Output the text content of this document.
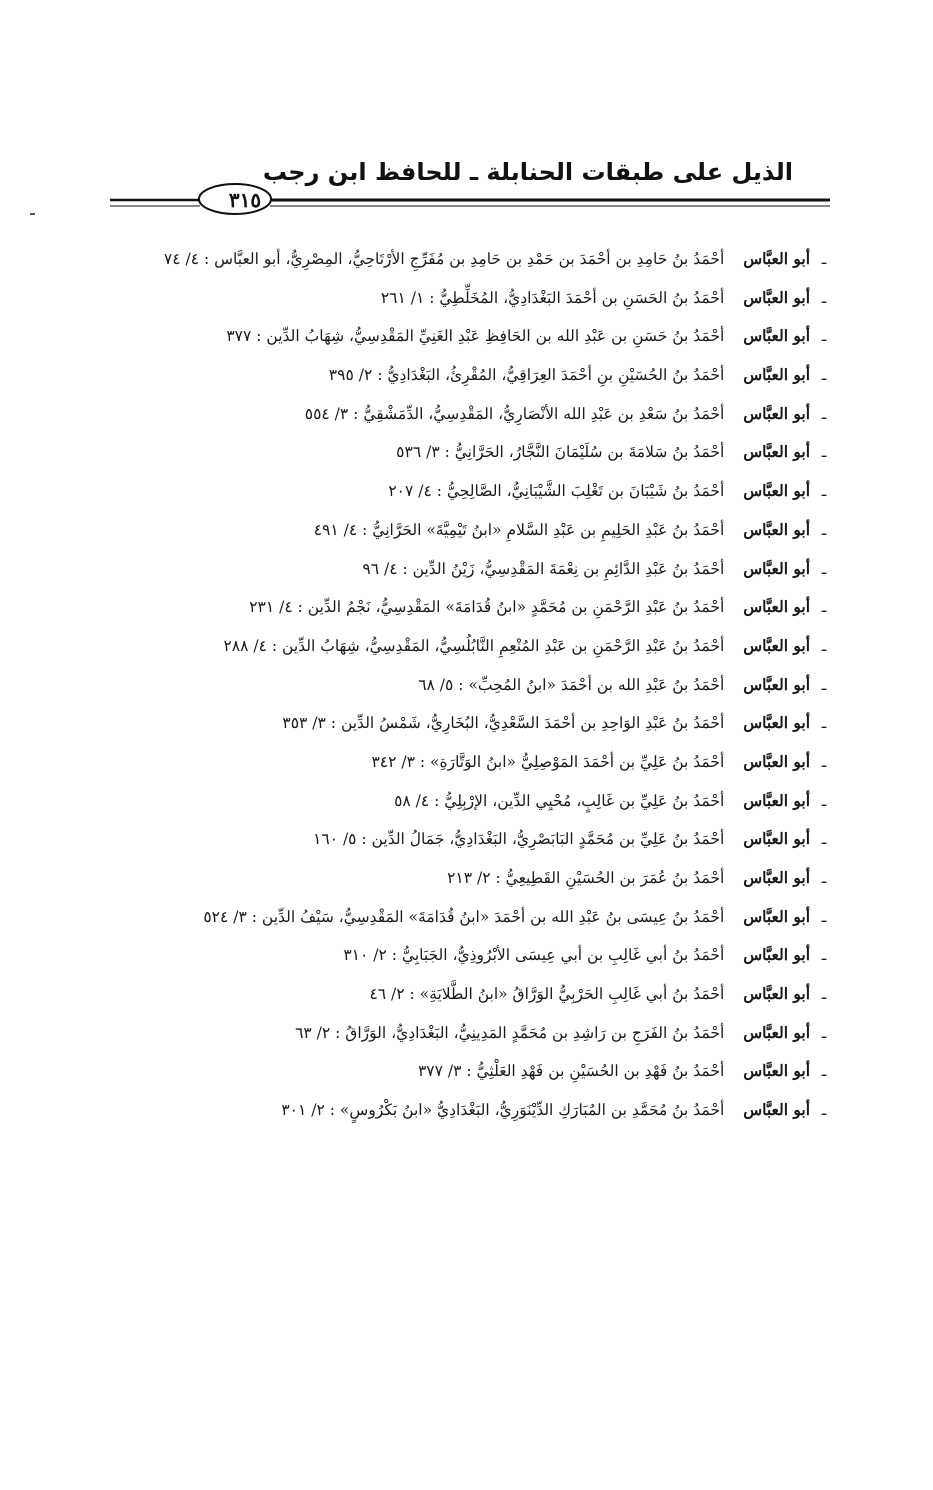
الذيل على طبقات الحنابلة ـ للحافظ ابن رجب
٣١٥
ـ أبو العبَّاس أحْمَدُ بنُ حَامِدِ بن أحْمَدَ بن حَمْدِ بن حَامِدِ بن مُفَرِّجِ الأرْتَاحِيُّ، المِصْرِيُّ، أبو العبَّاس : ٤/ ٧٤
ـ أبو العبَّاس أحْمَدُ بنُ الحَسَنِ بن أحْمَدَ البَغْدَادِيُّ، المُخَلِّطِيُّ : ١/ ٢٦١
ـ أبو العبَّاس أحْمَدُ بنُ حَسَنِ بن عَبْدِ الله بن الحَافِظِ عَبْدِ الغَنِيِّ المَقْدِسِيُّ، شِهَابُ الدِّين : ٣٧٧
ـ أبو العبَّاس أحْمَدُ بنُ الحُسَيْنِ بنِ أحْمَدَ العِرَاقِيُّ، المُقْرِئُ، البَغْدَادِيُّ : ٢/ ٣٩٥
ـ أبو العبَّاس أحْمَدُ بنُ سَعْدِ بن عَبْدِ الله الأنْصَارِيُّ، المَقْدِسِيُّ، الدِّمَشْقِيُّ : ٣/ ٥٥٤
ـ أبو العبَّاس أحْمَدُ بنُ سَلامَةَ بن سُلَيْمَانَ النَّجَّارُ، الحَرَّانِيُّ : ٣/ ٥٣٦
ـ أبو العبَّاس أحْمَدُ بنُ شَيْبَانَ بن تَغْلِبَ الشَّيْبَانِيُّ، الصَّالِحِيُّ : ٤/ ٢٠٧
ـ أبو العبَّاس أحْمَدُ بنُ عَبْدِ الحَلِيمِ بن عَبْدِ السَّلامِ «ابنُ تَيْمِيَّةَ» الحَرَّانِيُّ : ٤/ ٤٩١
ـ أبو العبَّاس أحْمَدُ بنُ عَبْدِ الدَّائِمِ بن نِعْمَةَ المَقْدِسِيُّ، زَيْنُ الدِّين : ٤/ ٩٦
ـ أبو العبَّاس أحْمَدُ بنُ عَبْدِ الرَّحْمَنِ بن مُحَمَّدٍ «ابنُ قُدَامَةَ» المَقْدِسِيُّ، نَجْمُ الدِّين : ٤/ ٢٣١
ـ أبو العبَّاس أحْمَدُ بنُ عَبْدِ الرَّحْمَنِ بن عَبْدِ المُنْعِمِ النَّابُلُسِيُّ، المَقْدِسِيُّ، شِهَابُ الدِّين : ٤/ ٢٨٨
ـ أبو العبَّاس أحْمَدُ بنُ عَبْدِ الله بن أحْمَدَ «ابنُ المُحِبِّ» : ٥/ ٦٨
ـ أبو العبَّاس أحْمَدُ بنُ عَبْدِ الوَاحِدِ بن أحْمَدَ السَّعْدِيُّ، البُخَارِيُّ، شَمْسُ الدِّين : ٣/ ٣٥٣
ـ أبو العبَّاس أحْمَدُ بنُ عَلِيِّ بن أحْمَدَ المَوْصِلِيُّ «ابنُ الوَتَّارَةِ» : ٣/ ٣٤٢
ـ أبو العبَّاس أحْمَدُ بنُ عَلِيِّ بن غَالِبٍ، مُحْيِي الدِّين، الإرْبِلِيُّ : ٤/ ٥٨
ـ أبو العبَّاس أحْمَدُ بنُ عَلِيِّ بن مُحَمَّدٍ البَابَصْرِيُّ، البَغْدَادِيُّ، جَمَالُ الدِّين : ٥/ ١٦٠
ـ أبو العبَّاس أحْمَدُ بنُ عُمَرَ بن الحُسَيْنِ القَطِيعِيُّ : ٢/ ٢١٣
ـ أبو العبَّاس أحْمَدُ بنُ عِيسَى بنُ عَبْدِ الله بن أحْمَدَ «ابنُ قُدَامَةَ» المَقْدِسِيُّ، سَيْفُ الدِّين : ٣/ ٥٢٤
ـ أبو العبَّاس أحْمَدُ بنُ أبي غَالِبِ بن أبي عِيسَى الأبْرُوذِيُّ، الجَبَابِيُّ : ٢/ ٣١٠
ـ أبو العبَّاس أحْمَدُ بنُ أبي غَالِبِ الحَرْبِيُّ الوَرَّاقُ «ابنُ الطَّلايَةِ» : ٢/ ٤٦
ـ أبو العبَّاس أحْمَدُ بنُ الفَرَجِ بن رَاشِدِ بن مُحَمَّدٍ المَدِينِيُّ، البَغْدَادِيُّ، الوَرَّاقُ : ٢/ ٦٣
ـ أبو العبَّاس أحْمَدُ بنُ فَهْدِ بن الحُسَيْنِ بن فَهْدِ العَلْثِيُّ : ٣/ ٣٧٧
ـ أبو العبَّاس أحْمَدُ بنُ مُحَمَّدِ بن المُبَارَكِ الدِّيْنَوَرِيُّ، البَغْدَادِيُّ «ابنُ بَكْرُوسٍ» : ٢/ ٣٠١
